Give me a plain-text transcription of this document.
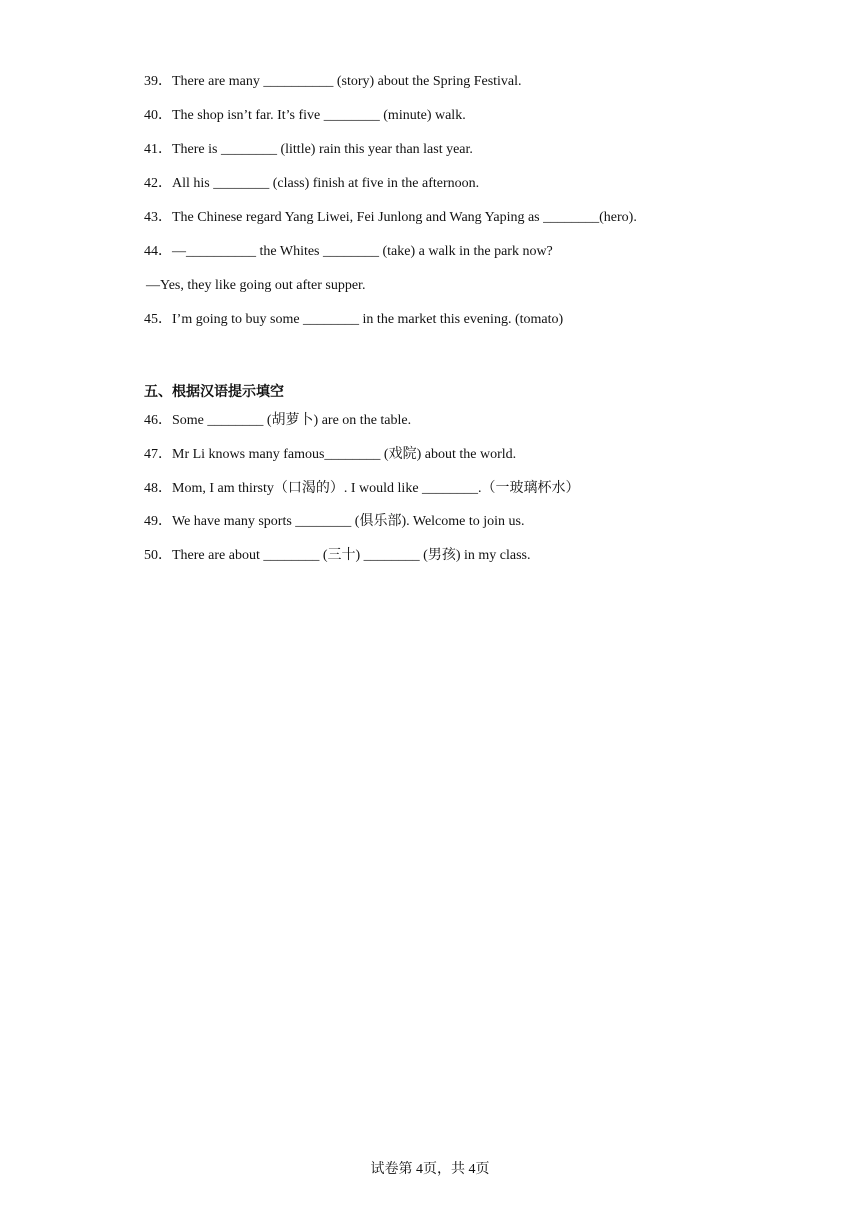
39．There are many __________ (story) about the Spring Festival.
40．The shop isn’t far. It’s five ________ (minute) walk.
41．There is ________ (little) rain this year than last year.
42．All his ________ (class) finish at five in the afternoon.
43．The Chinese regard Yang Liwei, Fei Junlong and Wang Yaping as ________(hero).
44．—__________ the Whites ________ (take) a walk in the park now?
—Yes, they like going out after supper.
45．I’m going to buy some ________ in the market this evening. (tomato)
五、根据汉语提示填空
46．Some ________ (胡萝卜) are on the table.
47．Mr Li knows many famous________ (戏院) about the world.
48．Mom, I am thirsty（口渴的）. I would like ________.（一玻璃杯水）
49．We have many sports ________ (俱乐部). Welcome to join us.
50．There are about ________ (三十) ________ (男孩) in my class.
试卷第 4页，共 4页
